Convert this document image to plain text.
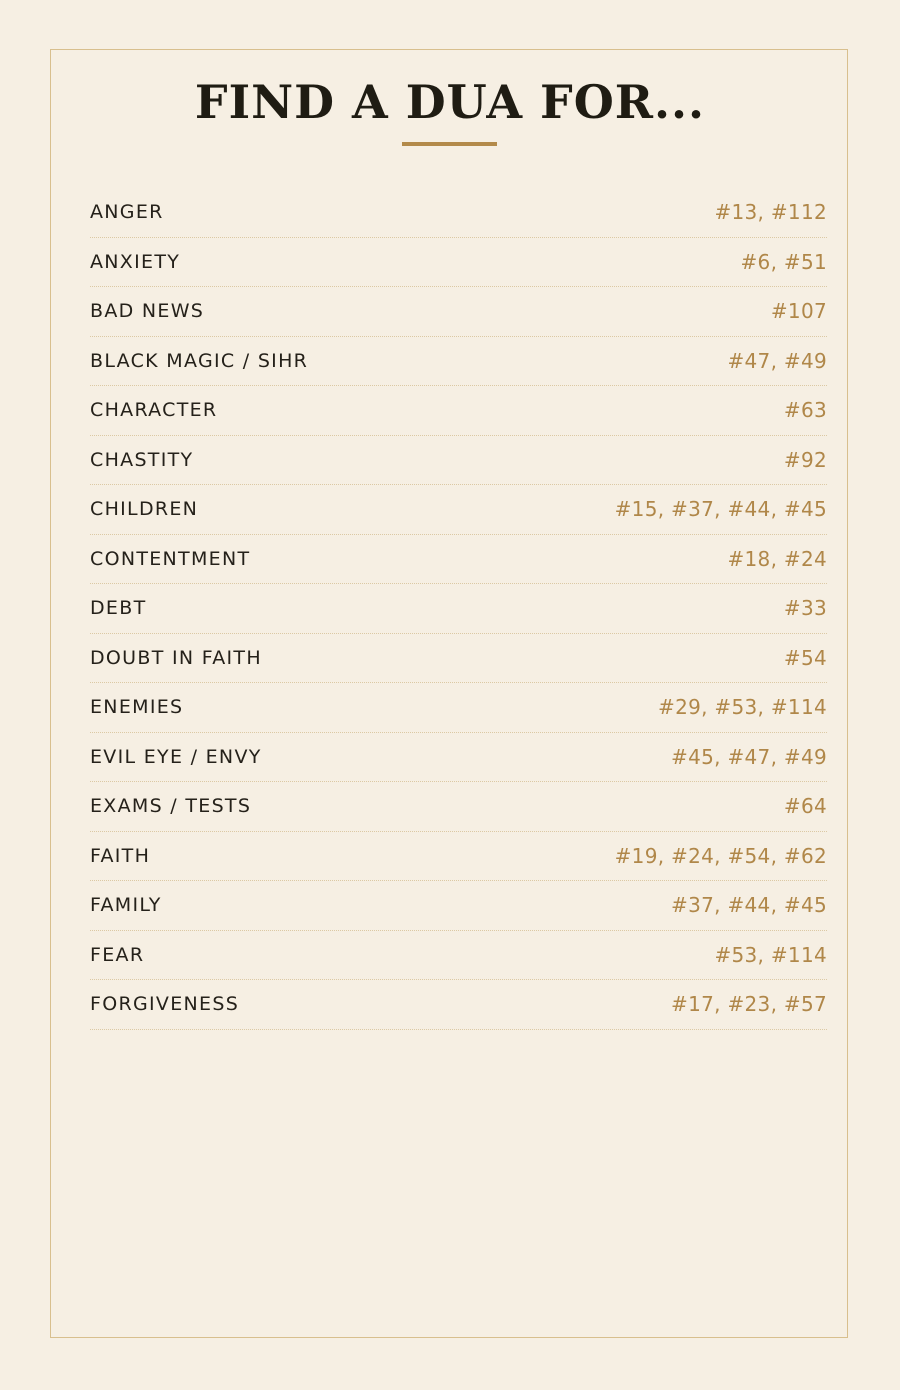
FIND A DUA FOR...
ANGER	#13, #112
ANXIETY	#6, #51
BAD NEWS	#107
BLACK MAGIC / SIHR	#47, #49
CHARACTER	#63
CHASTITY	#92
CHILDREN	#15, #37, #44, #45
CONTENTMENT	#18, #24
DEBT	#33
DOUBT IN FAITH	#54
ENEMIES	#29, #53, #114
EVIL EYE / ENVY	#45, #47, #49
EXAMS / TESTS	#64
FAITH	#19, #24, #54, #62
FAMILY	#37, #44, #45
FEAR	#53, #114
FORGIVENESS	#17, #23, #57
